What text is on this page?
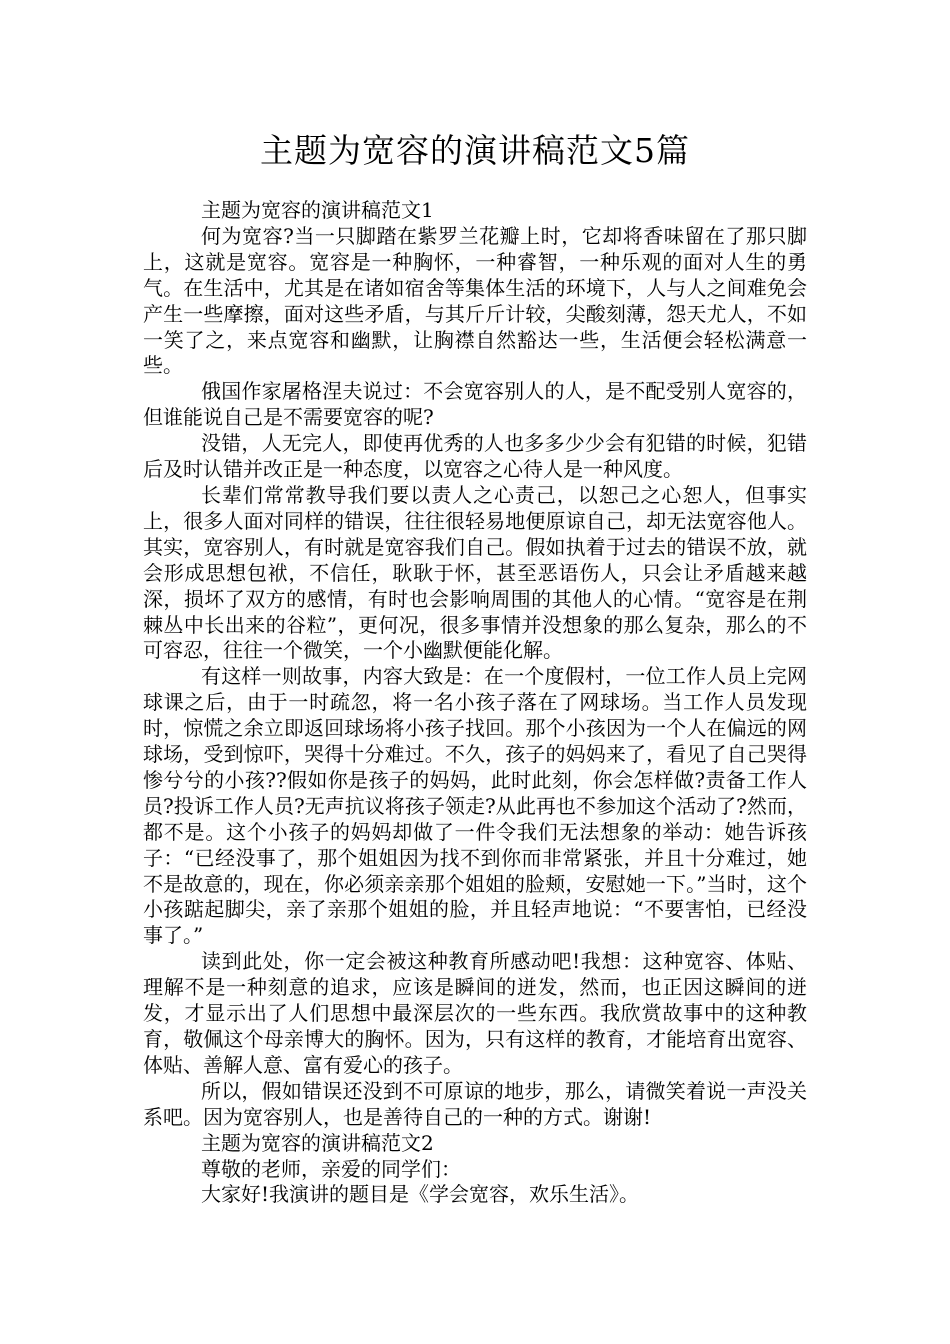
主题为宽容的演讲稿范文5篇

主题为宽容的演讲稿范文1

何为宽容?当一只脚踏在紫罗兰花瓣上时，它却将香味留在了那只脚上，这就是宽容。宽容是一种胸怀，一种睿智，一种乐观的面对人生的勇气。在生活中，尤其是在诸如宿舍等集体生活的环境下，人与人之间难免会产生一些摩擦，面对这些矛盾，与其斤斤计较，尖酸刻薄，怨天尤人，不如一笑了之，来点宽容和幽默，让胸襟自然豁达一些，生活便会轻松满意一些。

俄国作家屠格涅夫说过：不会宽容别人的人，是不配受别人宽容的，但谁能说自己是不需要宽容的呢?

没错，人无完人，即使再优秀的人也多多少少会有犯错的时候，犯错后及时认错并改正是一种态度，以宽容之心待人是一种风度。

长辈们常常教导我们要以责人之心责己，以恕己之心恕人，但事实上，很多人面对同样的错误，往往很轻易地便原谅自己，却无法宽容他人。其实，宽容别人，有时就是宽容我们自己。假如执着于过去的错误不放，就会形成思想包袱，不信任，耿耿于怀，甚至恶语伤人，只会让矛盾越来越深，损坏了双方的感情，有时也会影响周围的其他人的心情。“宽容是在荆棘丛中长出来的谷粒”，更何况，很多事情并没想象的那么复杂，那么的不可容忍，往往一个微笑，一个小幽默便能化解。

有这样一则故事，内容大致是：在一个度假村，一位工作人员上完网球课之后，由于一时疏忽，将一名小孩子落在了网球场。当工作人员发现时，惊慌之余立即返回球场将小孩子找回。那个小孩因为一个人在偏远的网球场，受到惊吓，哭得十分难过。不久，孩子的妈妈来了，看见了自己哭得惨兮兮的小孩??假如你是孩子的妈妈，此时此刻，你会怎样做?责备工作人员?投诉工作人员?无声抗议将孩子领走?从此再也不参加这个活动了?然而，都不是。这个小孩子的妈妈却做了一件令我们无法想象的举动：她告诉孩子：“已经没事了，那个姐姐因为找不到你而非常紧张，并且十分难过，她不是故意的，现在，你必须亲亲那个姐姐的脸颊，安慰她一下。”当时，这个小孩踮起脚尖，亲了亲那个姐姐的脸，并且轻声地说：“不要害怕，已经没事了。”

读到此处，你一定会被这种教育所感动吧!我想：这种宽容、体贴、理解不是一种刻意的追求，应该是瞬间的迸发，然而，也正因这瞬间的迸发，才显示出了人们思想中最深层次的一些东西。我欣赏故事中的这种教育，敬佩这个母亲博大的胸怀。因为，只有这样的教育，才能培育出宽容、体贴、善解人意、富有爱心的孩子。

所以，假如错误还没到不可原谅的地步，那么，请微笑着说一声没关系吧。因为宽容别人，也是善待自己的一种的方式。谢谢!

主题为宽容的演讲稿范文2

尊敬的老师，亲爱的同学们：

大家好!我演讲的题目是《学会宽容，欢乐生活》。
